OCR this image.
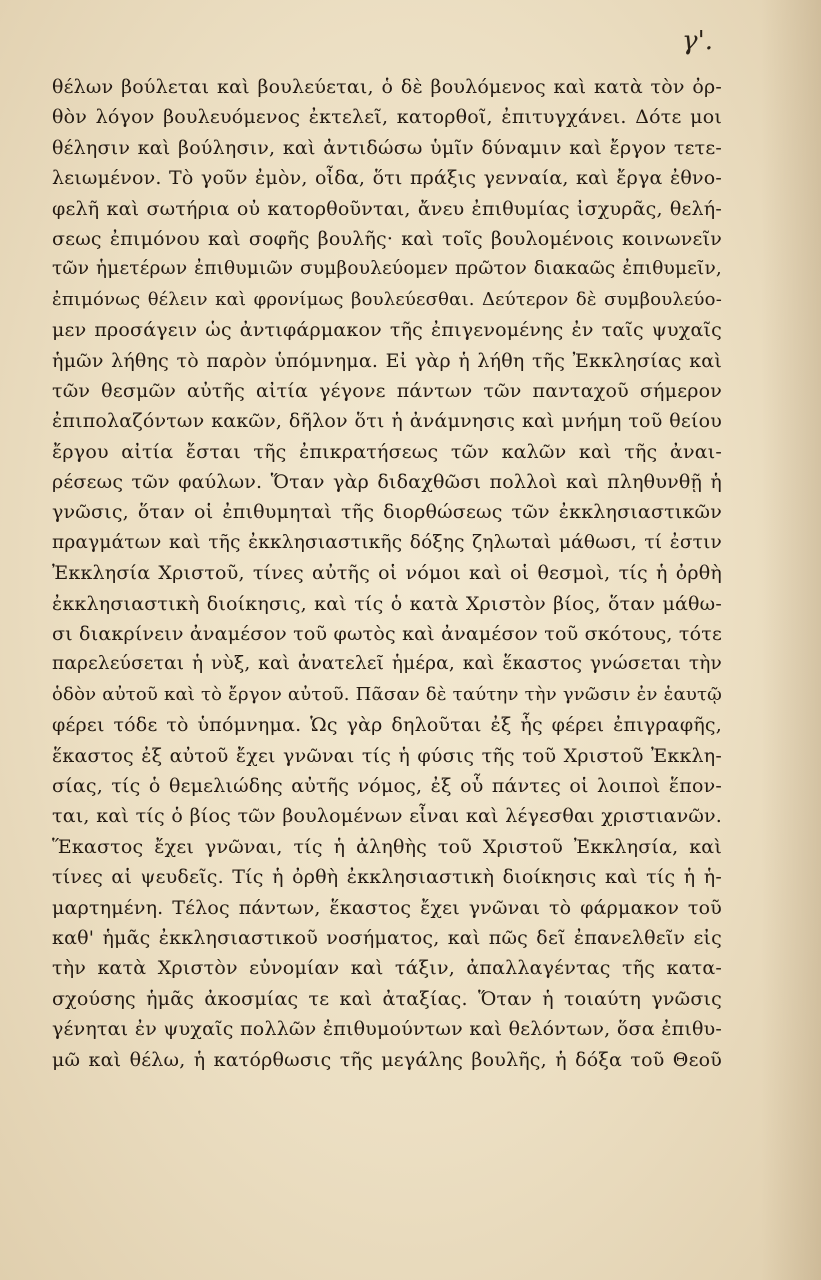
γ'.

θέλων βούλεται καὶ βουλεύεται, ὁ δὲ βουλόμενος καὶ κατὰ τὸν ὀρ-
θὸν λόγον βουλευόμενος ἐκτελεῖ, κατορθοῖ, ἐπιτυγχάνει. Δότε μοι
θέλησιν καὶ βούλησιν, καὶ ἀντιδώσω ὑμῖν δύναμιν καὶ ἔργον τετε-
λειωμένον. Τὸ γοῦν ἐμὸν, οἶδα, ὅτι πράξις γενναία, καὶ ἔργα ἐθνο-
φελῆ καὶ σωτήρια οὐ κατορθοῦνται, ἄνευ ἐπιθυμίας ἰσχυρᾶς, θελή-
σεως ἐπιμόνου καὶ σοφῆς βουλῆς· καὶ τοῖς βουλομένοις κοινωνεῖν
τῶν ἡμετέρων ἐπιθυμιῶν συμβουλεύομεν πρῶτον διακαῶς ἐπιθυμεῖν,
ἐπιμόνως θέλειν καὶ φρονίμως βουλεύεσθαι. Δεύτερον δὲ συμβουλεύο-
μεν προσάγειν ὡς ἀντιφάρμακον τῆς ἐπιγενομένης ἐν ταῖς ψυχαῖς
ἡμῶν λήθης τὸ παρὸν ὑπόμνημα. Εἰ γὰρ ἡ λήθη τῆς Ἐκκλησίας καὶ
τῶν θεσμῶν αὐτῆς αἰτία γέγονε πάντων τῶν πανταχοῦ σήμερον
ἐπιπολαζόντων κακῶν, δῆλον ὅτι ἡ ἀνάμνησις καὶ μνήμη τοῦ θείου
ἔργου αἰτία ἔσται τῆς ἐπικρατήσεως τῶν καλῶν καὶ τῆς ἀναι-
ρέσεως τῶν φαύλων. Ὅταν γὰρ διδαχθῶσι πολλοὶ καὶ πληθυνθῇ ἡ
γνῶσις, ὅταν οἱ ἐπιθυμηταὶ τῆς διορθώσεως τῶν ἐκκλησιαστικῶν
πραγμάτων καὶ τῆς ἐκκλησιαστικῆς δόξης ζηλωταὶ μάθωσι, τί ἐστιν
Ἐκκλησία Χριστοῦ, τίνες αὐτῆς οἱ νόμοι καὶ οἱ θεσμοὶ, τίς ἡ ὀρθὴ
ἐκκλησιαστικὴ διοίκησις, καὶ τίς ὁ κατὰ Χριστὸν βίος, ὅταν μάθω-
σι διακρίνειν ἀναμέσον τοῦ φωτὸς καὶ ἀναμέσον τοῦ σκότους, τότε
παρελεύσεται ἡ νὺξ, καὶ ἀνατελεῖ ἡμέρα, καὶ ἕκαστος γνώσεται τὴν
ὁδὸν αὐτοῦ καὶ τὸ ἔργον αὐτοῦ. Πᾶσαν δὲ ταύτην τὴν γνῶσιν ἐν ἑαυτῷ
φέρει τόδε τὸ ὑπόμνημα. Ὡς γὰρ δηλοῦται ἐξ ἧς φέρει ἐπιγραφῆς,
ἕκαστος ἐξ αὐτοῦ ἔχει γνῶναι τίς ἡ φύσις τῆς τοῦ Χριστοῦ Ἐκκλη-
σίας, τίς ὁ θεμελιώδης αὐτῆς νόμος, ἐξ οὗ πάντες οἱ λοιποὶ ἕπον-
ται, καὶ τίς ὁ βίος τῶν βουλομένων εἶναι καὶ λέγεσθαι χριστιανῶν.
Ἕκαστος ἔχει γνῶναι, τίς ἡ ἀληθὴς τοῦ Χριστοῦ Ἐκκλησία, καὶ
τίνες αἱ ψευδεῖς. Τίς ἡ ὀρθὴ ἐκκλησιαστικὴ διοίκησις καὶ τίς ἡ ἡ-
μαρτημένη. Τέλος πάντων, ἕκαστος ἔχει γνῶναι τὸ φάρμακον τοῦ
καθ' ἡμᾶς ἐκκλησιαστικοῦ νοσήματος, καὶ πῶς δεῖ ἐπανελθεῖν εἰς
τὴν κατὰ Χριστὸν εὐνομίαν καὶ τάξιν, ἀπαλλαγέντας τῆς κατα-
σχούσης ἡμᾶς ἀκοσμίας τε καὶ ἀταξίας. Ὅταν ἡ τοιαύτη γνῶσις
γένηται ἐν ψυχαῖς πολλῶν ἐπιθυμούντων καὶ θελόντων, ὅσα ἐπιθυ-
μῶ καὶ θέλω, ἡ κατόρθωσις τῆς μεγάλης βουλῆς, ἡ δόξα τοῦ Θεοῦ
